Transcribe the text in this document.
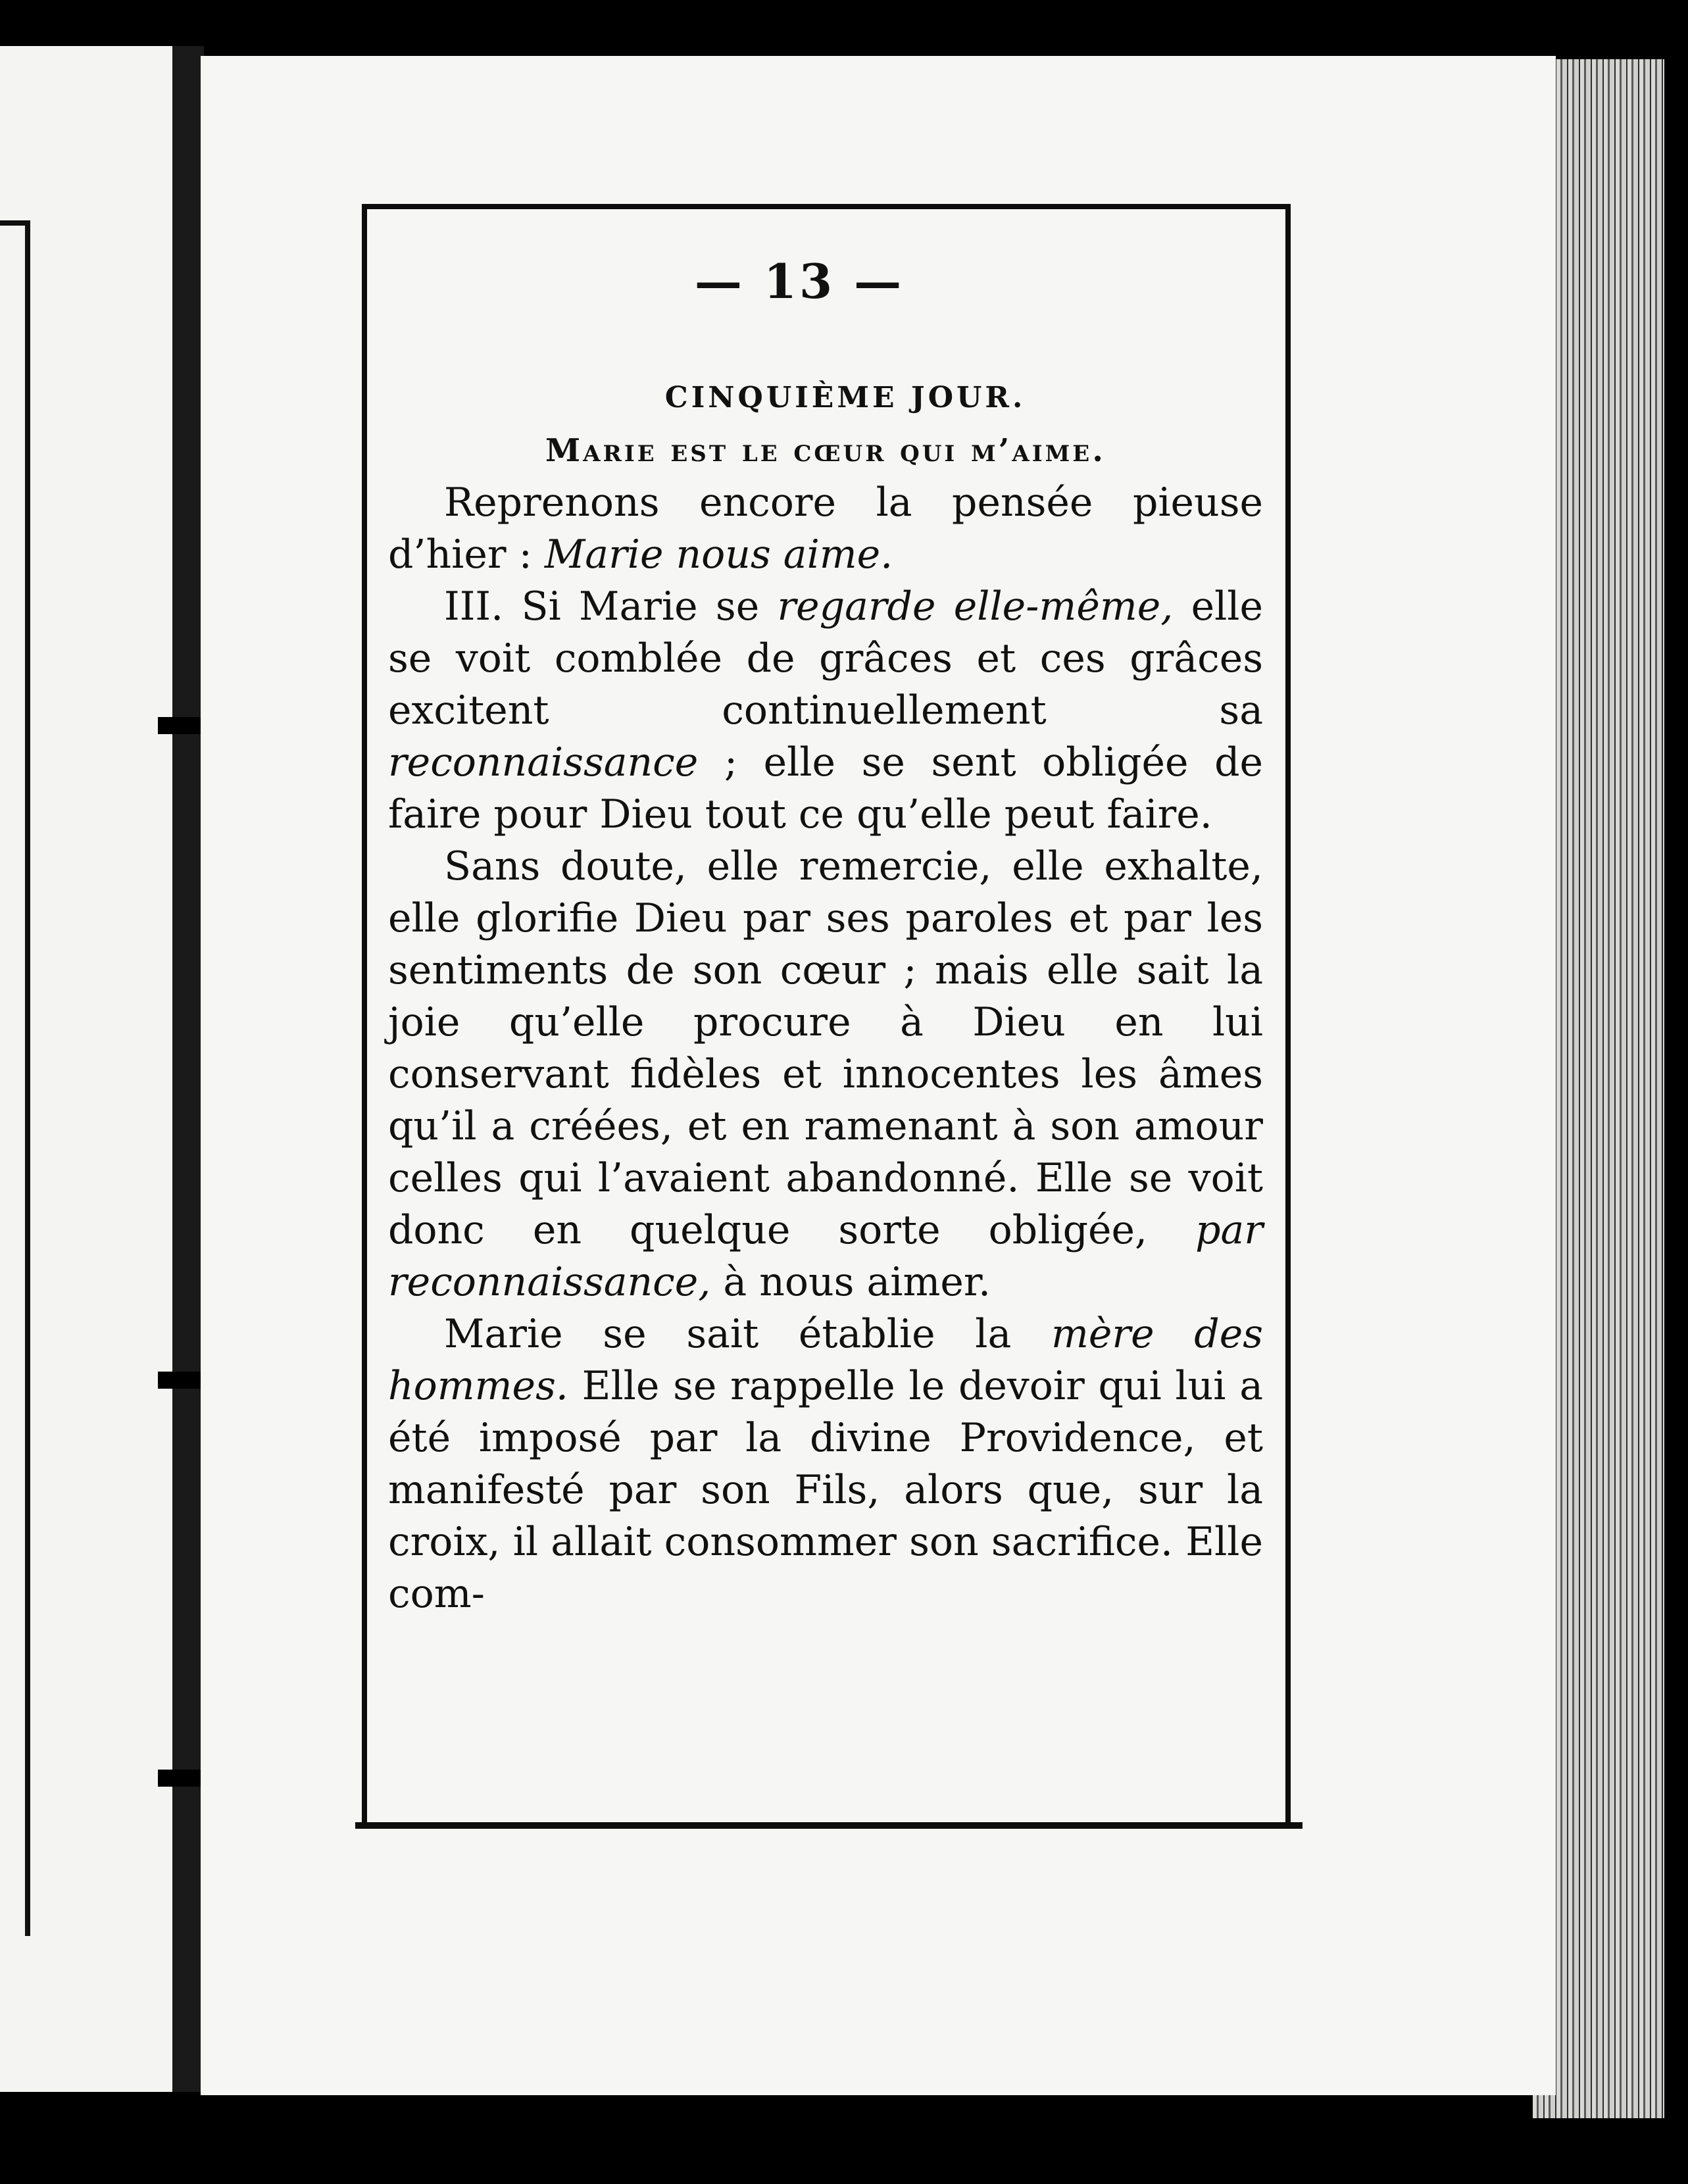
— 13 —

CINQUIÈME JOUR.

Marie est le cœur qui m’aime.

Reprenons encore la pensée pieuse d’hier : Marie nous aime.

III. Si Marie se regarde elle-même, elle se voit comblée de grâces et ces grâces excitent continuellement sa reconnaissance ; elle se sent obligée de faire pour Dieu tout ce qu’elle peut faire.

Sans doute, elle remercie, elle exhalte, elle glorifie Dieu par ses paroles et par les sentiments de son cœur ; mais elle sait la joie qu’elle procure à Dieu en lui conservant fidèles et innocentes les âmes qu’il a créées, et en ramenant à son amour celles qui l’avaient abandonné. Elle se voit donc en quelque sorte obligée, par reconnaissance, à nous aimer.

Marie se sait établie la mère des hommes. Elle se rappelle le devoir qui lui a été imposé par la divine Providence, et manifesté par son Fils, alors que, sur la croix, il allait consommer son sacrifice. Elle com-
